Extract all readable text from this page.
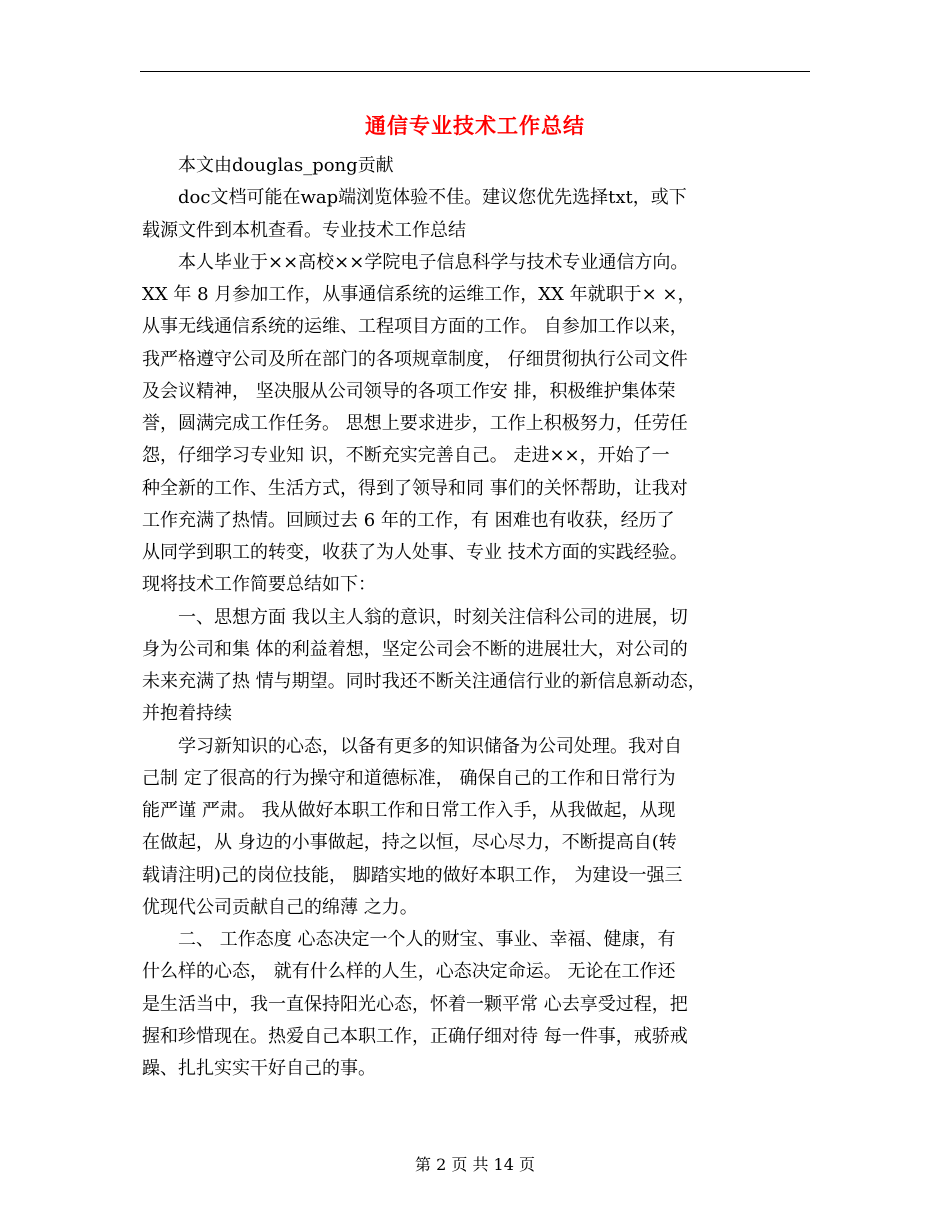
通信专业技术工作总结
　　本文由douglas_pong贡献
　　doc文档可能在wap端浏览体验不佳。建议您优先选择txt，或下
载源文件到本机查看。专业技术工作总结
　　本人毕业于××高校××学院电子信息科学与技术专业通信方向。
XX 年 8 月参加工作，从事通信系统的运维工作，XX 年就职于× ×，
从事无线通信系统的运维、工程项目方面的工作。 自参加工作以来，
我严格遵守公司及所在部门的各项规章制度， 仔细贯彻执行公司文件
及会议精神， 坚决服从公司领导的各项工作安 排，积极维护集体荣
誉，圆满完成工作任务。 思想上要求进步，工作上积极努力，任劳任
怨，仔细学习专业知 识，不断充实完善自己。 走进××，开始了一
种全新的工作、生活方式，得到了领导和同 事们的关怀帮助，让我对
工作充满了热情。回顾过去 6 年的工作，有 困难也有收获，经历了
从同学到职工的转变，收获了为人处事、专业 技术方面的实践经验。
现将技术工作简要总结如下：
　　一、思想方面 我以主人翁的意识，时刻关注信科公司的进展，切
身为公司和集 体的利益着想，坚定公司会不断的进展壮大，对公司的
未来充满了热 情与期望。同时我还不断关注通信行业的新信息新动态，
并抱着持续
　　学习新知识的心态，以备有更多的知识储备为公司处理。我对自
己制 定了很高的行为操守和道德标准， 确保自己的工作和日常行为
能严谨 严肃。 我从做好本职工作和日常工作入手，从我做起，从现
在做起，从 身边的小事做起，持之以恒，尽心尽力，不断提高自(转
载请注明)己的岗位技能， 脚踏实地的做好本职工作， 为建设一强三
优现代公司贡献自己的绵薄 之力。
　　二、 工作态度 心态决定一个人的财宝、事业、幸福、健康，有
什么样的心态， 就有什么样的人生，心态决定命运。 无论在工作还
是生活当中，我一直保持阳光心态，怀着一颗平常 心去享受过程，把
握和珍惜现在。热爱自己本职工作，正确仔细对待 每一件事，戒骄戒
躁、扎扎实实干好自己的事。
第 2 页 共 14 页
